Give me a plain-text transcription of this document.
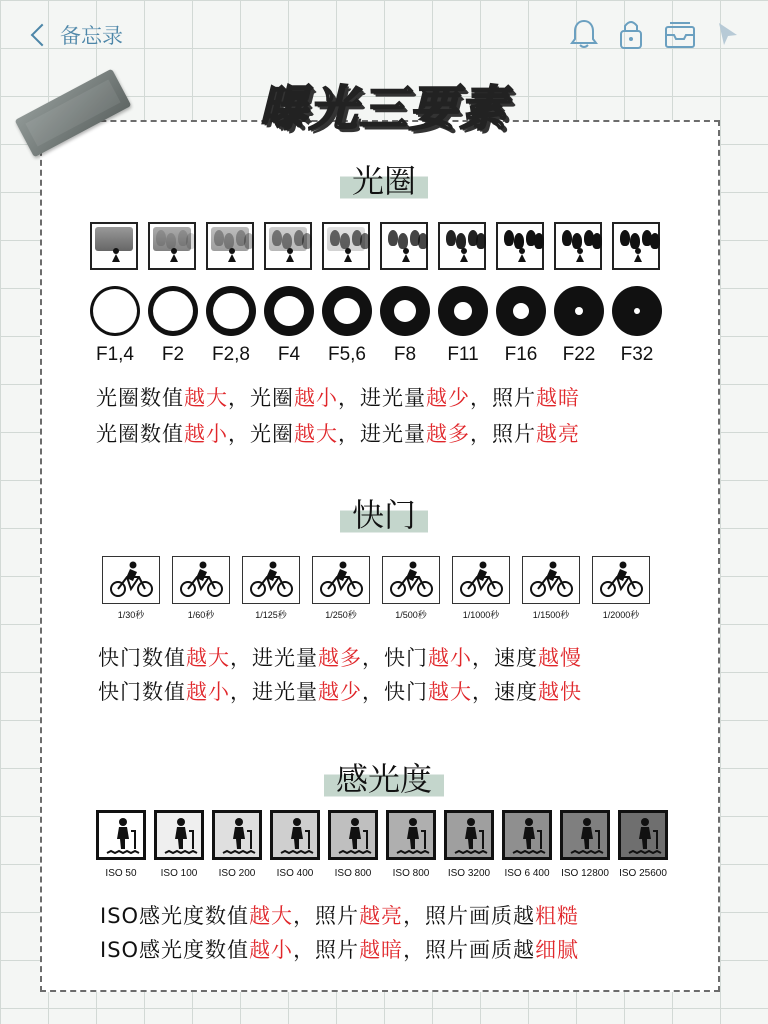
备忘录
曝光三要素
光圈
F1,4	F2	F2,8	F4	F5,6	F8	F11	F16	F22	F32
光圈数值越大，光圈越小，进光量越少，照片越暗
光圈数值越小，光圈越大，进光量越多，照片越亮
快门
1/30秒	1/60秒	1/125秒	1/250秒	1/500秒	1/1000秒	1/1500秒	1/2000秒
快门数值越大，进光量越多，快门越小，速度越慢
快门数值越小，进光量越少，快门越大，速度越快
感光度
ISO 50	ISO 100	ISO 200	ISO 400	ISO 800	ISO 800	ISO 3200	ISO 6 400	ISO 12800	ISO 25600
ISO感光度数值越大，照片越亮，照片画质越粗糙
ISO感光度数值越小，照片越暗，照片画质越细腻
